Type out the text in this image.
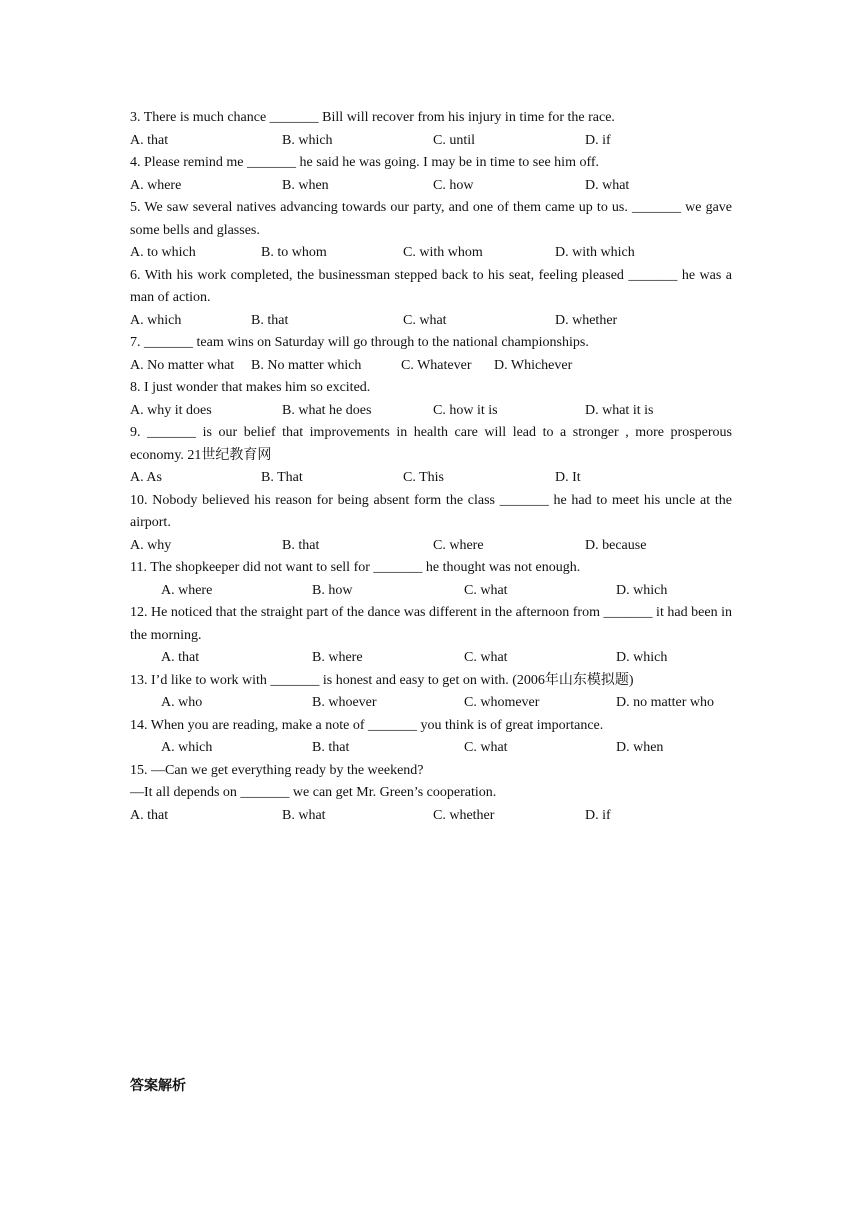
3. There is much chance _______ Bill will recover from his injury in time for the race.
A. that	B. which	C. until	D. if
4. Please remind me _______ he said he was going. I may be in time to see him off.
A. where	B. when	C. how	D. what
5. We saw several natives advancing towards our party, and one of them came up to us. _______ we gave some bells and glasses.
A. to which	B. to whom	C. with whom	D. with which
6. With his work completed, the businessman stepped back to his seat, feeling pleased _______ he was a man of action.
A. which	B. that	C. what	D. whether
7. _______ team wins on Saturday will go through to the national championships.
A. No matter what B. No matter which	C. Whatever D. Whichever
8. I just wonder that makes him so excited.
A. why it does	B. what he does	C. how it is	D. what it is
9. _______ is our belief that improvements in health care will lead to a stronger , more prosperous economy. 21世纪教育网
A. As	B. That	C. This	D. It
10. Nobody believed his reason for being absent form the class _______ he had to meet his uncle at the airport.
A. why	B. that	C. where	D. because
11. The shopkeeper did not want to sell for _______ he thought was not enough.
A. where	B. how	C. what	D. which
12. He noticed that the straight part of the dance was different in the afternoon from _______ it had been in the morning.
A. that	B. where	C. what	D. which
13. I’d like to work with _______ is honest and easy to get on with. (2006年山东模拟题)
A. who	B. whoever	C. whomever	D. no matter who
14. When you are reading, make a note of _______ you think is of great importance.
A. which	B. that	C. what	D. when
15. —Can we get everything ready by the weekend?
—It all depends on _______ we can get Mr. Green’s cooperation.
A. that	B. what	C. whether	D. if
答案解析
